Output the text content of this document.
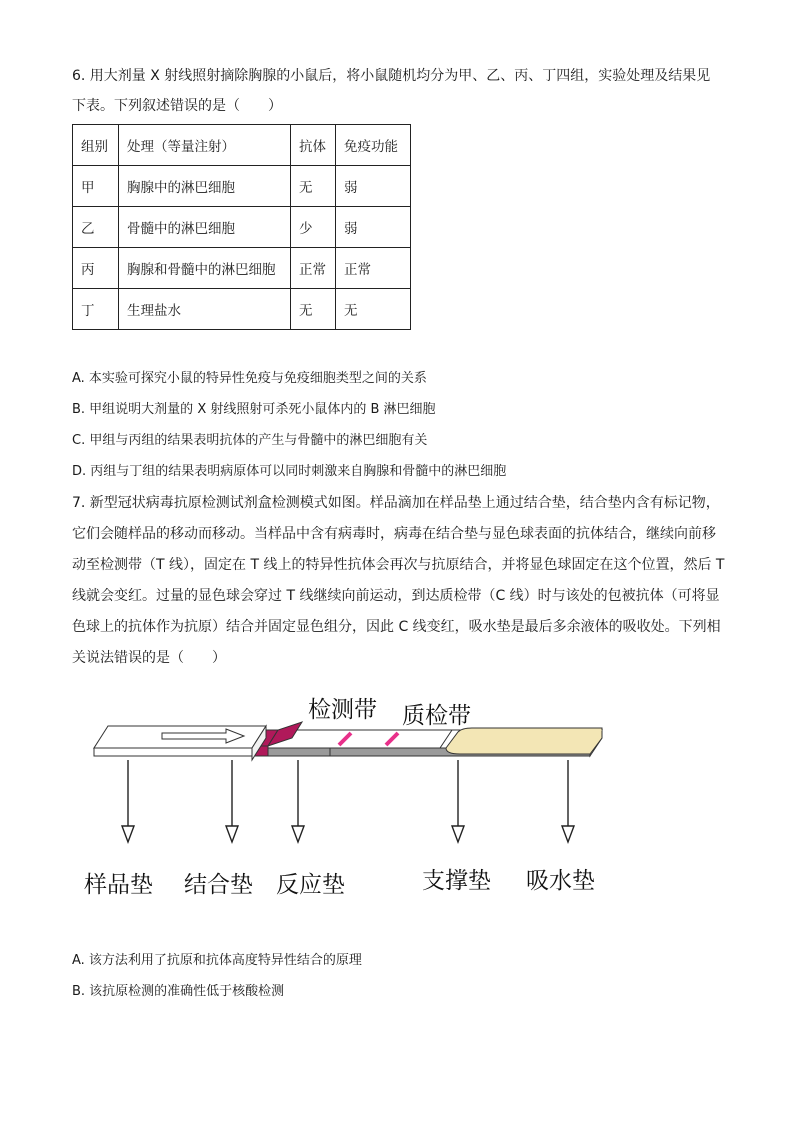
6. 用大剂量 X 射线照射摘除胸腺的小鼠后，将小鼠随机均分为甲、乙、丙、丁四组，实验处理及结果见
下表。下列叙述错误的是（　　）
组别	处理（等量注射）	抗体	免疫功能
甲	胸腺中的淋巴细胞	无	弱
乙	骨髓中的淋巴细胞	少	弱
丙	胸腺和骨髓中的淋巴细胞	正常	正常
丁	生理盐水	无	无
A. 本实验可探究小鼠的特异性免疫与免疫细胞类型之间的关系
B. 甲组说明大剂量的 X 射线照射可杀死小鼠体内的 B 淋巴细胞
C. 甲组与丙组的结果表明抗体的产生与骨髓中的淋巴细胞有关
D. 丙组与丁组的结果表明病原体可以同时刺激来自胸腺和骨髓中的淋巴细胞
7. 新型冠状病毒抗原检测试剂盒检测模式如图。样品滴加在样品垫上通过结合垫，结合垫内含有标记物，
它们会随样品的移动而移动。当样品中含有病毒时，病毒在结合垫与显色球表面的抗体结合，继续向前移
动至检测带（T 线），固定在 T 线上的特异性抗体会再次与抗原结合，并将显色球固定在这个位置，然后 T
线就会变红。过量的显色球会穿过 T 线继续向前运动，到达质检带（C 线）时与该处的包被抗体（可将显
色球上的抗体作为抗原）结合并固定显色组分，因此 C 线变红，吸水垫是最后多余液体的吸收处。下列相
关说法错误的是（　　）
检测带 质检带
样品垫 结合垫 反应垫	支撑垫 吸水垫
A. 该方法利用了抗原和抗体高度特异性结合的原理
B. 该抗原检测的准确性低于核酸检测
